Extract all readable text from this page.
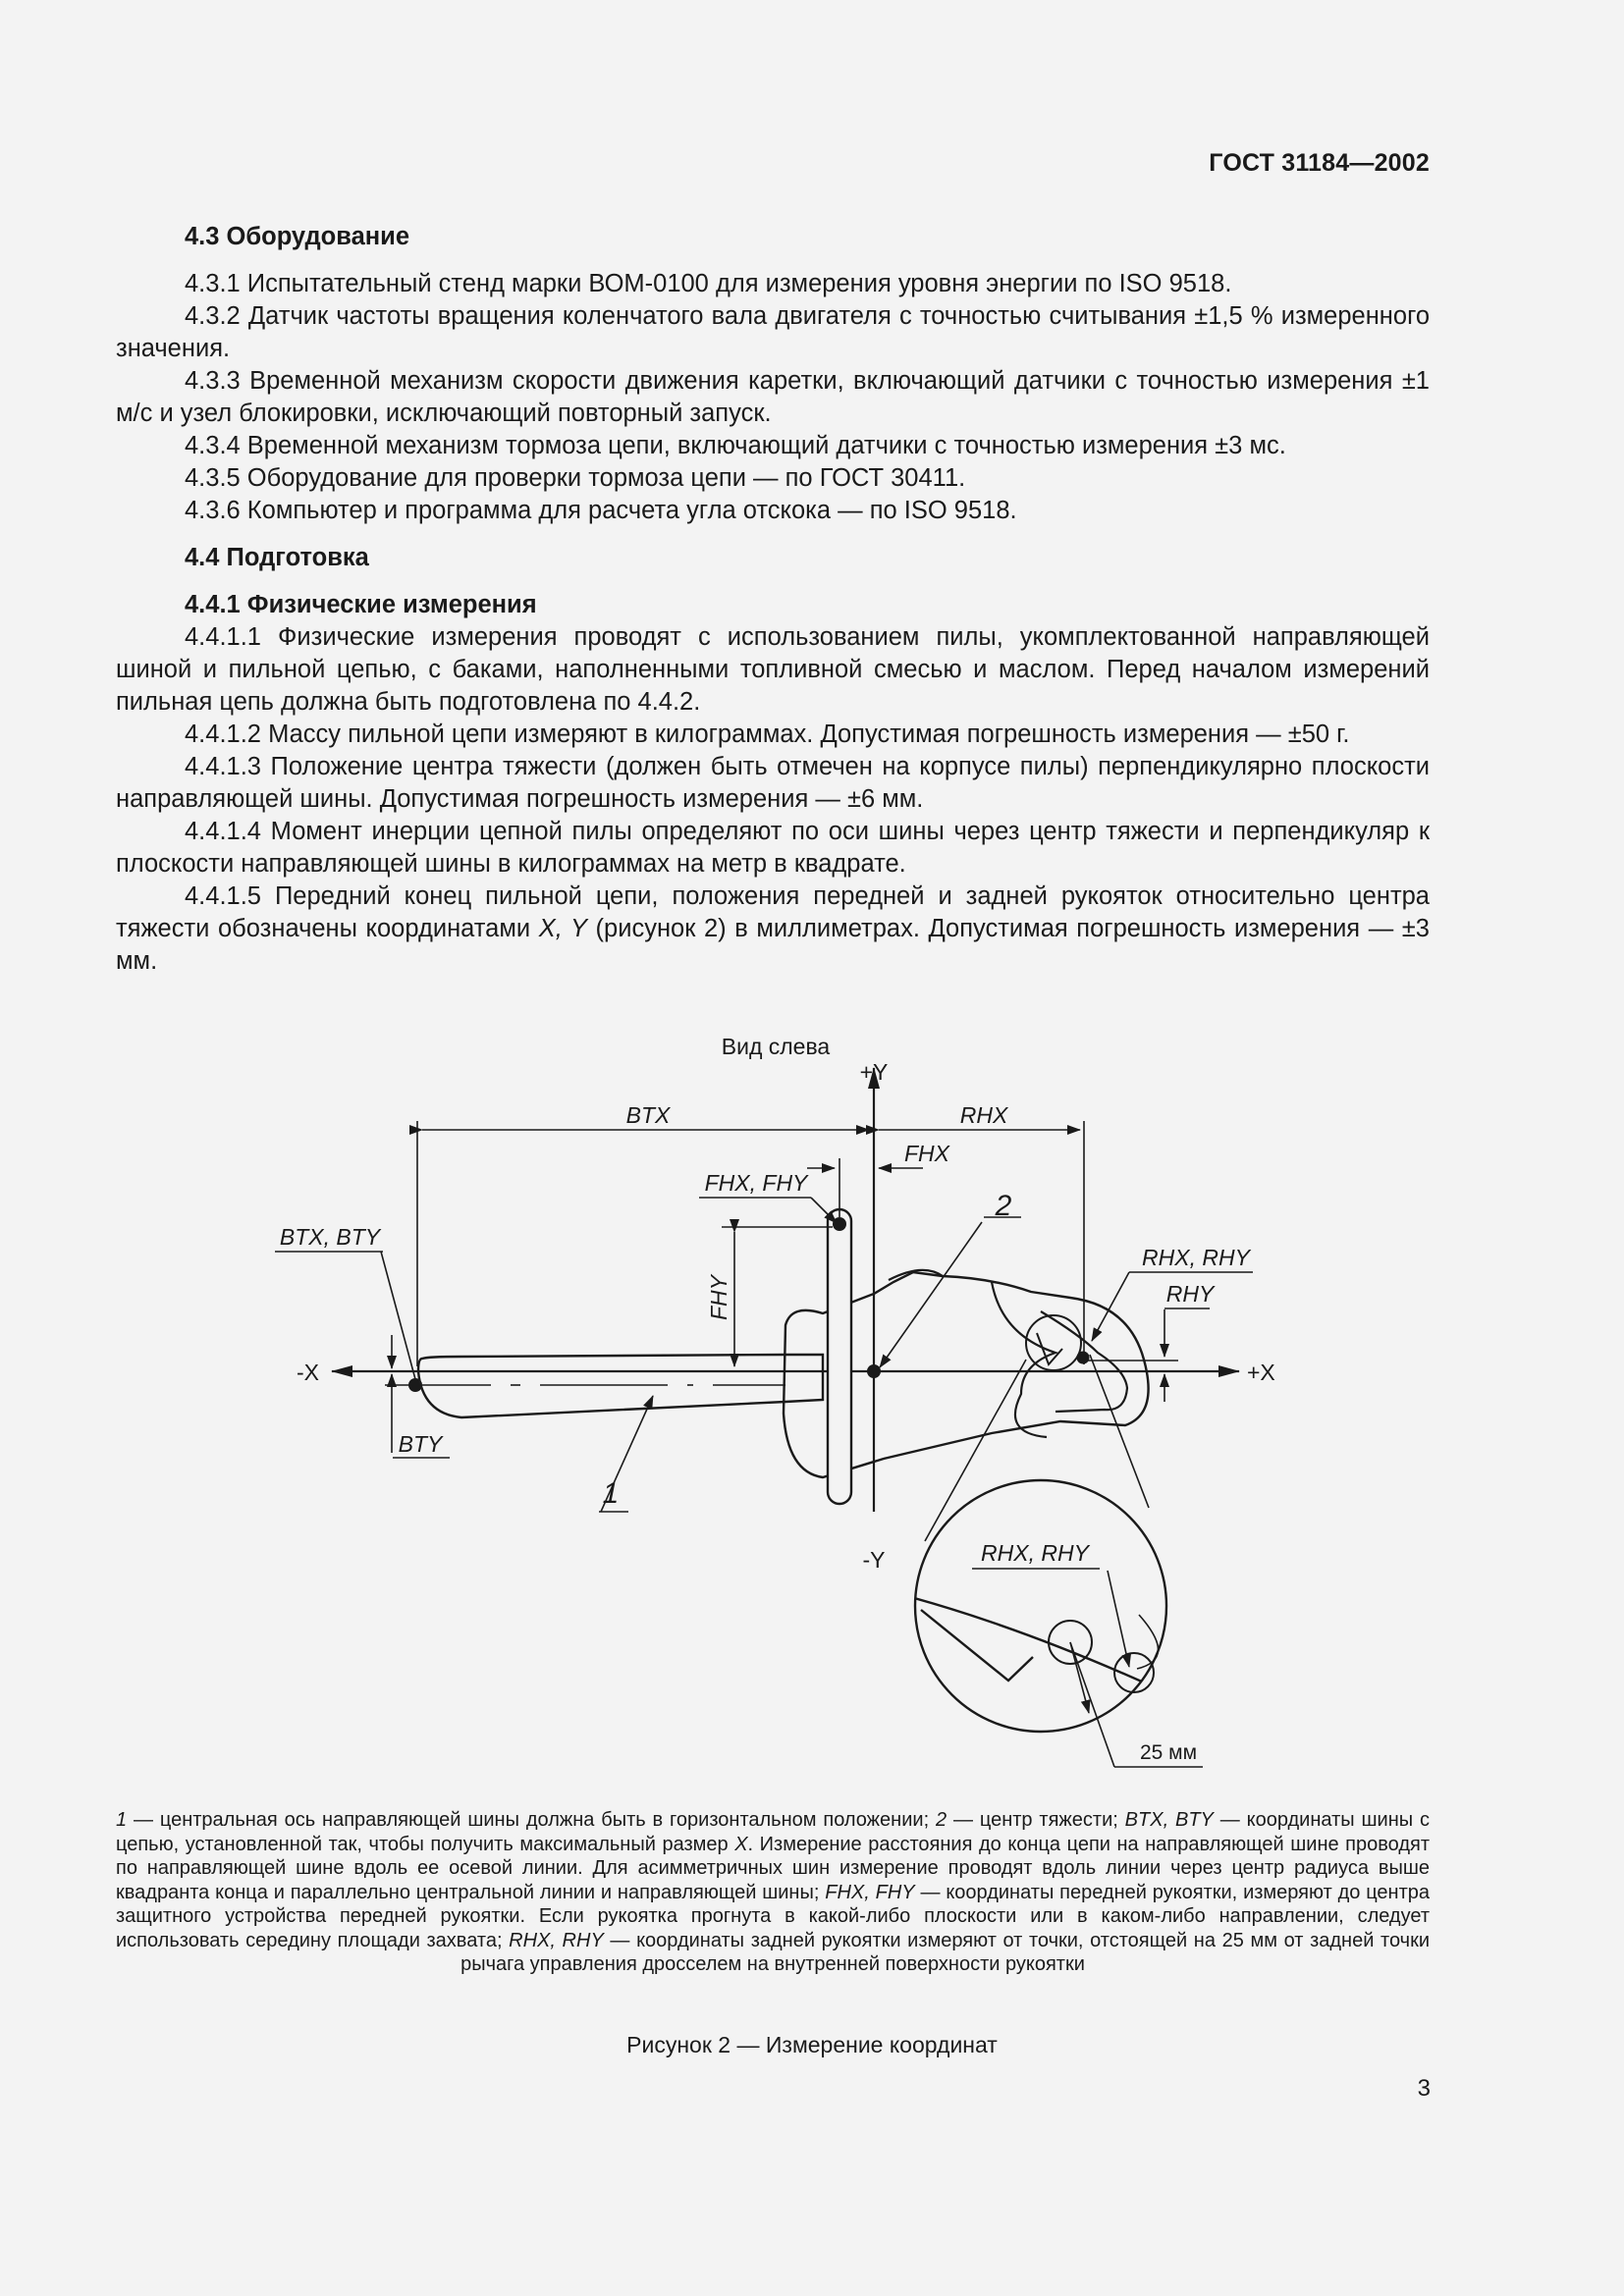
ГОСТ 31184—2002
4.3 Оборудование

4.3.1 Испытательный стенд марки ВОМ-0100 для измерения уровня энергии по ISO 9518.

4.3.2 Датчик частоты вращения коленчатого вала двигателя с точностью считывания ±1,5 % измеренного значения.

4.3.3 Временной механизм скорости движения каретки, включающий датчики с точностью измерения ±1 м/с и узел блокировки, исключающий повторный запуск.

4.3.4 Временной механизм тормоза цепи, включающий датчики с точностью измерения ±3 мс.

4.3.5 Оборудование для проверки тормоза цепи — по ГОСТ 30411.

4.3.6 Компьютер и программа для расчета угла отскока — по ISO 9518.

4.4 Подготовка
4.4.1 Физические измерения

4.4.1.1 Физические измерения проводят с использованием пилы, укомплектованной направляющей шиной и пильной цепью, с баками, наполненными топливной смесью и маслом. Перед началом измерений пильная цепь должна быть подготовлена по 4.4.2.

4.4.1.2 Массу пильной цепи измеряют в килограммах. Допустимая погрешность измерения — ±50 г.

4.4.1.3 Положение центра тяжести (должен быть отмечен на корпусе пилы) перпендикулярно плоскости направляющей шины. Допустимая погрешность измерения — ±6 мм.

4.4.1.4 Момент инерции цепной пилы определяют по оси шины через центр тяжести и перпендикуляр к плоскости направляющей шины в килограммах на метр в квадрате.

4.4.1.5 Передний конец пильной цепи, положения передней и задней рукояток относительно центра тяжести обозначены координатами X, Y (рисунок 2) в миллиметрах. Допустимая погрешность измерения — ±3 мм.

Вид слева
+Y
-Y
+X
-X
BTX	RHX
FHX
FHX, FHY
BTX, BTY
FHY
RHX, RHY
RHY
BTY
1
2
RHX, RHY
25 мм
1 — центральная ось направляющей шины должна быть в горизонтальном положении; 2 — центр тяжести; BTX, BTY — координаты шины с цепью, установленной так, чтобы получить максимальный размер X. Измерение расстояния до конца цепи на направляющей шине проводят по направляющей шине вдоль ее осевой линии. Для асимметричных шин измерение проводят вдоль линии через центр радиуса выше квадранта конца и параллельно центральной линии и направляющей шины; FHX, FHY — координаты передней рукоятки, измеряют до центра защитного устройства передней рукоятки. Если рукоятка прогнута в какой-либо плоскости или в каком-либо направлении, следует использовать середину площади захвата; RHX, RHY — координаты задней рукоятки измеряют от точки, отстоящей на 25 мм от задней точки рычага управления дросселем на внутренней поверхности рукоятки
Рисунок 2 — Измерение координат
3
